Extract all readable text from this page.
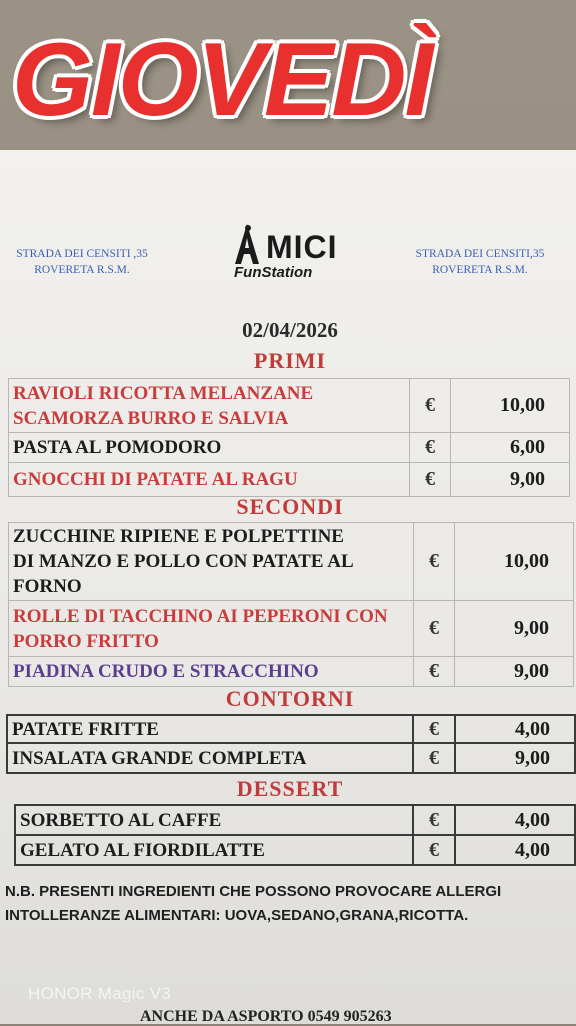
GIOVEDÌ
STRADA DEI CENSITI ,35
ROVERETA R.S.M.
MICI
FunStation
STRADA DEI CENSITI,35
ROVERETA R.S.M.
02/04/2026
PRIMI
RAVIOLI RICOTTA MELANZANE
SCAMORZA BURRO E SALVIA	€	10,00
PASTA AL POMODORO	€	6,00
GNOCCHI DI PATATE AL RAGU	€	9,00
SECONDI
ZUCCHINE RIPIENE E POLPETTINE
DI MANZO E POLLO CON PATATE AL
FORNO	€	10,00

ROLLE DI TACCHINO AI PEPERONI CON
PORRO FRITTO	€	9,00
PIADINA CRUDO E STRACCHINO	€	9,00
CONTORNI
PATATE FRITTE	€	4,00
INSALATA GRANDE COMPLETA	€	9,00
DESSERT
SORBETTO AL CAFFE	€	4,00
GELATO AL FIORDILATTE	€	4,00
N.B. PRESENTI INGREDIENTI CHE POSSONO PROVOCARE ALLERGI
INTOLLERANZE ALIMENTARI: UOVA,SEDANO,GRANA,RICOTTA.
ANCHE DA ASPORTO 0549 905263
HONOR Magic V3
